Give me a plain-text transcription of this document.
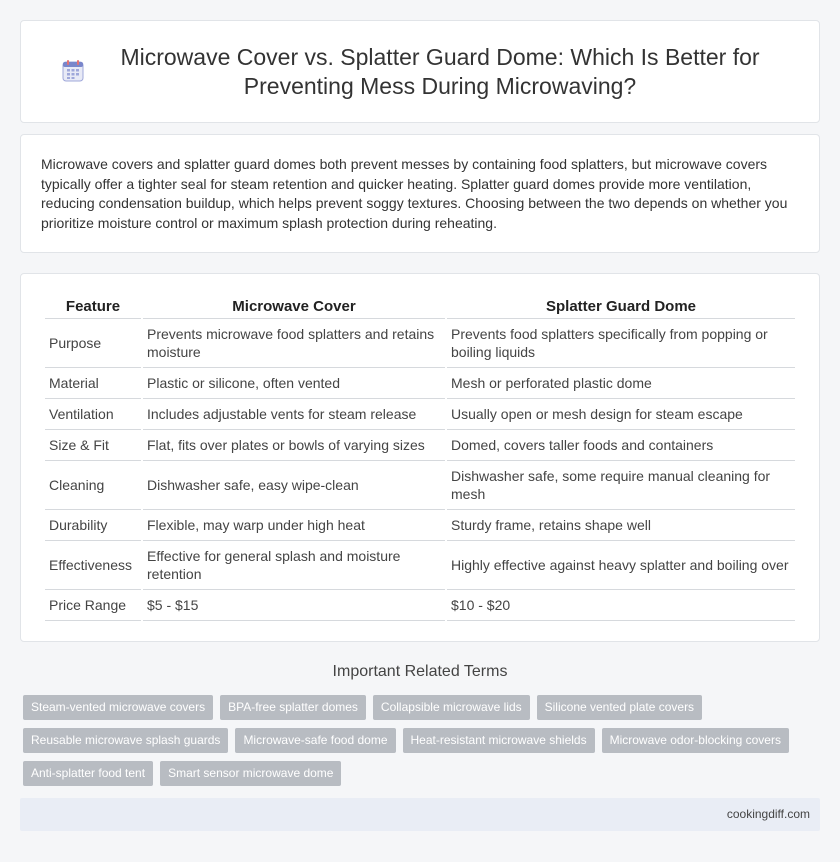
Microwave Cover vs. Splatter Guard Dome: Which Is Better for Preventing Mess During Microwaving?

Microwave covers and splatter guard domes both prevent messes by containing food splatters, but microwave covers typically offer a tighter seal for steam retention and quicker heating. Splatter guard domes provide more ventilation, reducing condensation buildup, which helps prevent soggy textures. Choosing between the two depends on whether you prioritize moisture control or maximum splash protection during reheating.

Feature	Microwave Cover	Splatter Guard Dome
Purpose	Prevents microwave food splatters and retains moisture	Prevents food splatters specifically from popping or boiling liquids
Material	Plastic or silicone, often vented	Mesh or perforated plastic dome
Ventilation	Includes adjustable vents for steam release	Usually open or mesh design for steam escape
Size & Fit	Flat, fits over plates or bowls of varying sizes	Domed, covers taller foods and containers
Cleaning	Dishwasher safe, easy wipe-clean	Dishwasher safe, some require manual cleaning for mesh
Durability	Flexible, may warp under high heat	Sturdy frame, retains shape well
Effectiveness	Effective for general splash and moisture retention	Highly effective against heavy splatter and boiling over
Price Range	$5 - $15	$10 - $20
Important Related Terms
Steam-vented microwave covers	BPA-free splatter domes	Collapsible microwave lids	Silicone vented plate covers
Reusable microwave splash guards	Microwave-safe food dome	Heat-resistant microwave shields	Microwave odor-blocking covers
Anti-splatter food tent	Smart sensor microwave dome
cookingdiff.com
